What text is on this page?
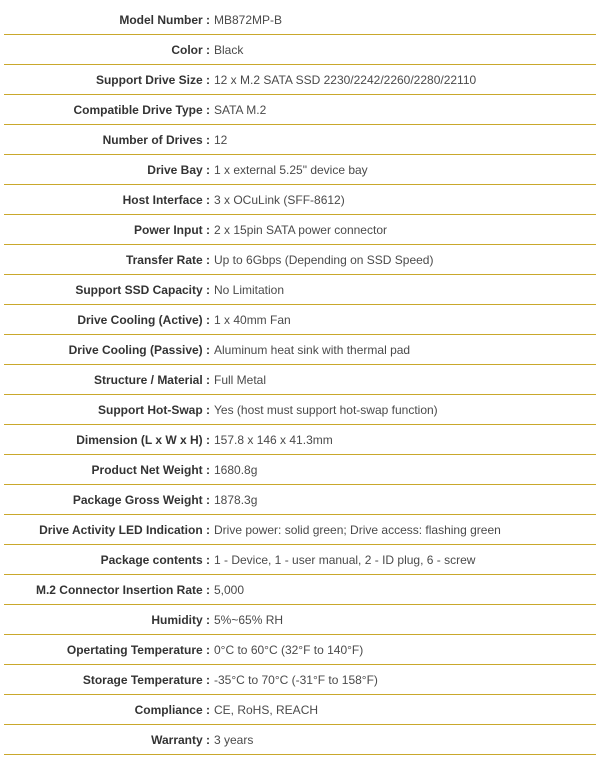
Model Number : MB872MP-B
Color : Black
Support Drive Size : 12 x M.2 SATA SSD 2230/2242/2260/2280/22110
Compatible Drive Type : SATA M.2
Number of Drives : 12
Drive Bay : 1 x external 5.25" device bay
Host Interface : 3 x OCuLink (SFF-8612)
Power Input : 2 x 15pin SATA power connector
Transfer Rate : Up to 6Gbps (Depending on SSD Speed)
Support SSD Capacity : No Limitation
Drive Cooling (Active) : 1 x 40mm Fan
Drive Cooling (Passive) : Aluminum heat sink with thermal pad
Structure / Material : Full Metal
Support Hot-Swap : Yes (host must support hot-swap function)
Dimension (L x W x H) : 157.8 x 146 x 41.3mm
Product Net Weight : 1680.8g
Package Gross Weight : 1878.3g
Drive Activity LED Indication : Drive power: solid green; Drive access: flashing green
Package contents : 1 - Device, 1 - user manual, 2 - ID plug, 6 - screw
M.2 Connector Insertion Rate : 5,000
Humidity : 5%~65% RH
Opertating Temperature : 0°C to 60°C (32°F to 140°F)
Storage Temperature : -35°C to 70°C (-31°F to 158°F)
Compliance : CE, RoHS, REACH
Warranty : 3 years
